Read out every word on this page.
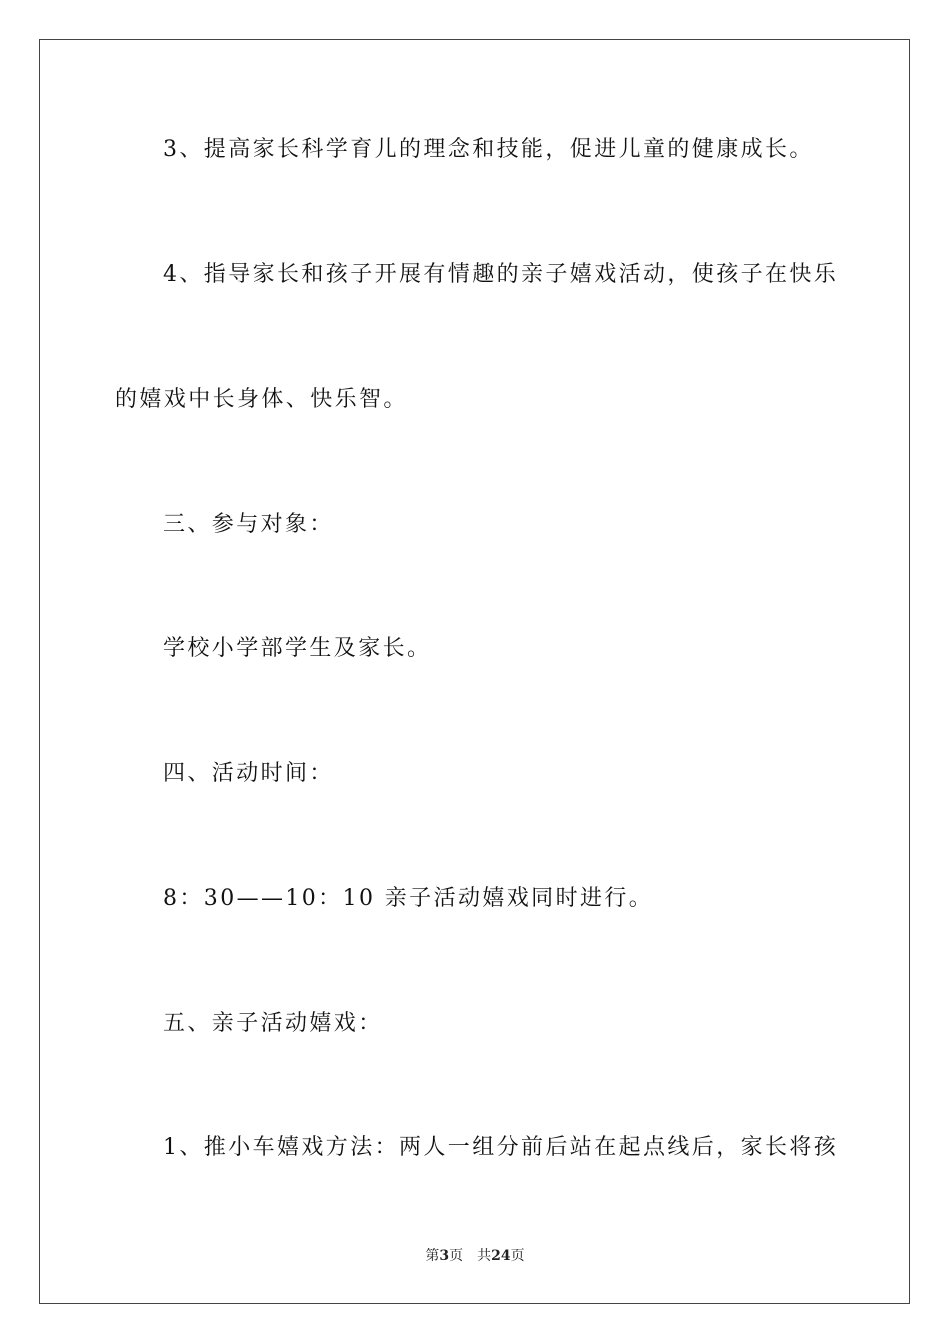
3、提高家长科学育儿的理念和技能，促进儿童的健康成长。
4、指导家长和孩子开展有情趣的亲子嬉戏活动，使孩子在快乐
的嬉戏中长身体、快乐智。
三、参与对象：
学校小学部学生及家长。
四、活动时间：
8：30——10：10 亲子活动嬉戏同时进行。
五、亲子活动嬉戏：
1、推小车嬉戏方法：两人一组分前后站在起点线后，家长将孩
第3页 共24页
